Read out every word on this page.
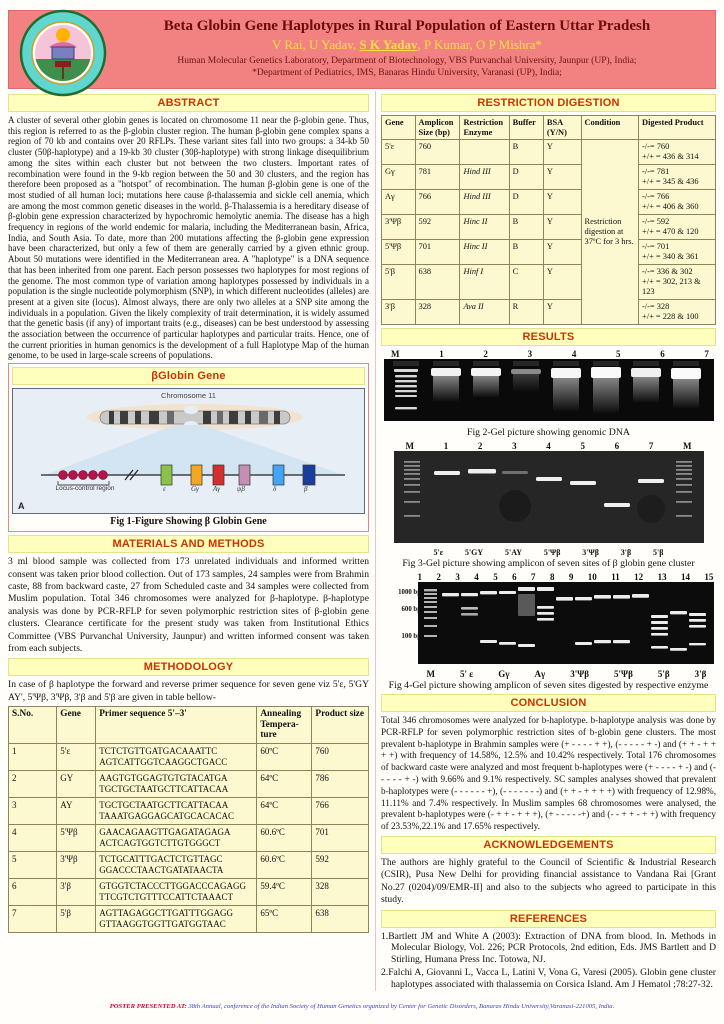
Beta Globin Gene Haplotypes in Rural Population of Eastern Uttar Pradesh
V Rai, U Yadav, S K Yadav, P Kumar, O P Mishra*
Human Molecular Genetics Laboratory, Department of Biotechnology, VBS Purvanchal University, Jaunpur (UP), India;
*Department of Pediatrics, IMS, Banaras Hindu University, Varanasi (UP), India;
ABSTRACT
A cluster of several other globin genes is located on chromosome 11 near the β-globin gene. Thus, this region is referred to as the β-globin cluster region. The human β-globin gene complex spans a region of 70 kb and contains over 20 RFLPs. These variant sites fall into two groups: a 34-kb 50 cluster (50β-haplotype) and a 19-kb 30 cluster (30β-haplotype) with strong linkage disequilibrium among the sites within each cluster but not between the two clusters. Important rates of recombination were found in the 9-kb region between the 50 and 30 clusters, and the region has therefore been proposed as a "hotspot" of recombination. The human β-globin gene is one of the most studied of all human loci; mutations here cause β-thalassemia and sickle cell anemia, which are among the most common genetic diseases in the world. β-Thalassemia is a hereditary disease of β-globin gene expression characterized by hypochromic hemolytic anemia. The disease has a high frequency in regions of the world endemic for malaria, including the Mediterranean basin, Africa, India, and South Asia. To date, more than 200 mutations affecting the β-globin gene expression have been characterized, but only a few of them are generally carried by a given ethnic group. About 50 mutations were identified in the Mediterranean area. A "haplotype" is a DNA sequence that has been inherited from one parent. Each person possesses two haplotypes for most regions of the genome. The most common type of variation among haplotypes possessed by individuals in a population is the single nucleotide polymorphism (SNP), in which different nucleotides (alleles) are present at a given site (locus). Almost always, there are only two alleles at a SNP site among the individuals in a population. Given the likely complexity of trait determination, it is widely assumed that the genetic basis (if any) of important traits (e.g., diseases) can be best understood by assessing the association between the occurrence of particular haplotypes and particular traits. Hence, one of the current priorities in human genomics is the development of a full Haplotype Map of the human genome, to be used in large-scale screens of populations.
βGlobin Gene
Chromosome 11
ε	Gγ Aγ ψβ	δ	β
Locus-control region
A
Fig 1-Figure Showing β Globin Gene
MATERIALS AND METHODS
3 ml blood sample was collected from 173 unrelated individuals and informed written consent was taken prior blood collection. Out of 173 samples, 24 samples were from Brahmin caste, 88 from backward caste, 27 from Scheduled caste and 34 samples were collected from Muslim population. Total 346 chromosomes were analyzed for β-haplotype. β-haplotype analysis was done by PCR-RFLP for seven polymorphic restriction sites of β-globin gene clusters. Clearance certificate for the present study was taken from Institutional Ethics Committee (VBS Purvanchal University, Jaunpur) and written informed consent was taken from each subjects.
METHODOLOGY
In case of β haplotype the forward and reverse primer sequence for seven gene viz 5'ε, 5'GY AY', 5'Ψβ, 3'Ψβ, 3'β and 5'β are given in table bellow-
S.No.	Gene	Primer sequence 5'–3'	Annealing Tempera-ture	Product size
1	5'ε	TCTCTGTTGATGACAAATTC
AGTCATTGGTCAAGGCTGACC	60ºC	760
2	GY	AAGTGTGGAGTGTGTACATGA
TGCTGCTAATGCTTCATTACAA	64ºC	786
3	AY	TGCTGCTAATGCTTCATTACAA
TAAATGAGGAGCATGCACACAC	64ºC	766
4	5'Ψβ	GAACAGAAGTTGAGATAGAGA
ACTCAGTGGTCTTGTGGGCT	60.6ºC	701
5	3'Ψβ	TCTGCATTTGACTCTGTTAGC
GGACCCTAACTGATATAACTA	60.6ºC	592
6	3'β	GTGGTCTACCCTTGGACCCAGAGG
TTCGTCTGTTTCCATTCTAAACT	59.4ºC	328
7	5'β	AGTTAGAGGCTTGATTTGGAGG
GTTAAGGTGGTTGATGGTAAC	65ºC	638
RESTRICTION DIGESTION
Gene	Amplicon Size (bp)	Restriction Enzyme	Buffer	BSA (Y/N)	Condition	Digested Product
5'ε	760		B	Y	Restriction digestion at 37ºC for 3 hrs.	-/-= 760
+/+ = 436 & 314
Gγ	781	Hind III	D	Y		-/-= 781
+/+ = 345 & 436
Aγ	766	Hind III	D	Y		-/-= 766
+/+ = 406 & 360
3'Ψβ	592	Hinc II	B	Y		-/-= 592
+/+ = 470 & 120
5'Ψβ	701	Hinc II	B	Y		-/-= 701
+/+ = 340 & 361
5'β	638	Hinf I	C	Y		-/-= 336 & 302
+/+ = 302, 213 & 123
3'β	328	Ava II	R	Y		-/-= 328
+/+ = 228 & 100
RESULTS
M	1	2	3	4	5	6	7
Fig 2-Gel picture showing genomic DNA
M	1	2	3	4	5	6	7	M
5'ε	5'GY	5'AY	5'Ψβ	3'Ψβ	3'β	5'β
Fig 3-Gel picture showing amplicon of seven sites of β globin gene cluster
1000 bp
600 bp
100 bp
1 2 3 4 5 6 7 8 9 10 11 12 13 14 15
M	5' ε	Gγ	Aγ	3'Ψβ	5'Ψβ	5'β	3'β
Fig 4-Gel picture showing amplicon of seven sites digested by respective enzyme
CONCLUSION
Total 346 chromosomes were analyzed for b-haplotype. b-haplotype analysis was done by PCR-RFLP for seven polymorphic restriction sites of b-globin gene clusters. The most prevalent b-haplotype in Brahmin samples were (+ - - - - + +), (- - - - - + -) and (+ + - + + + +) with frequency of 14.58%, 12.5% and 10.42% respectively. Total 176 chromosomes of backward caste were analyzed and most frequent b-haplotypes were (+ - - - - + -) and (- - - - - + -) with 9.66% and 9.1% respectively. SC samples analyses showed that prevalent b-haplotypes were (- - - - - - +), (- - - - - - -) and (+ + - + + + +) with frequency of 12.98%, 11.11% and 7.4% respectively. In Muslim samples 68 chromosomes were analysed, the prevalent b-haplotypes were (- + + - + + +), (+ - - - - -+) and (- - + + - + +) with frequency of 23.53%,22.1% and 17.65% respectively.
ACKNOWLEDGEMENTS
The authors are highly grateful to the Council of Scientific & Industrial Research (CSIR), Pusa New Delhi for providing financial assistance to Vandana Rai [Grant No.27 (0204)/09/EMR-II] and also to the subjects who agreed to participate in this study.
REFERENCES
1.Bartlett JM and White A (2003): Extraction of DNA from blood. In. Methods in Molecular Biology, Vol. 226; PCR Protocols, 2nd edition, Eds. JMS Bartlett and D Stirling, Humana Press Inc. Totowa, NJ.
2.Falchi A, Giovanni L, Vacca L, Latini V, Vona G, Varesi (2005). Globin gene cluster haplotypes associated with thalassemia on Corsica Island. Am J Hematol ;78:27-32.
POSTER PRESENTED AT: 38th Annual, conference of the Indian Society of Human Genetics organized by Center for Genetic Disorders, Banaras Hindu University,Varanasi-221005, India.
